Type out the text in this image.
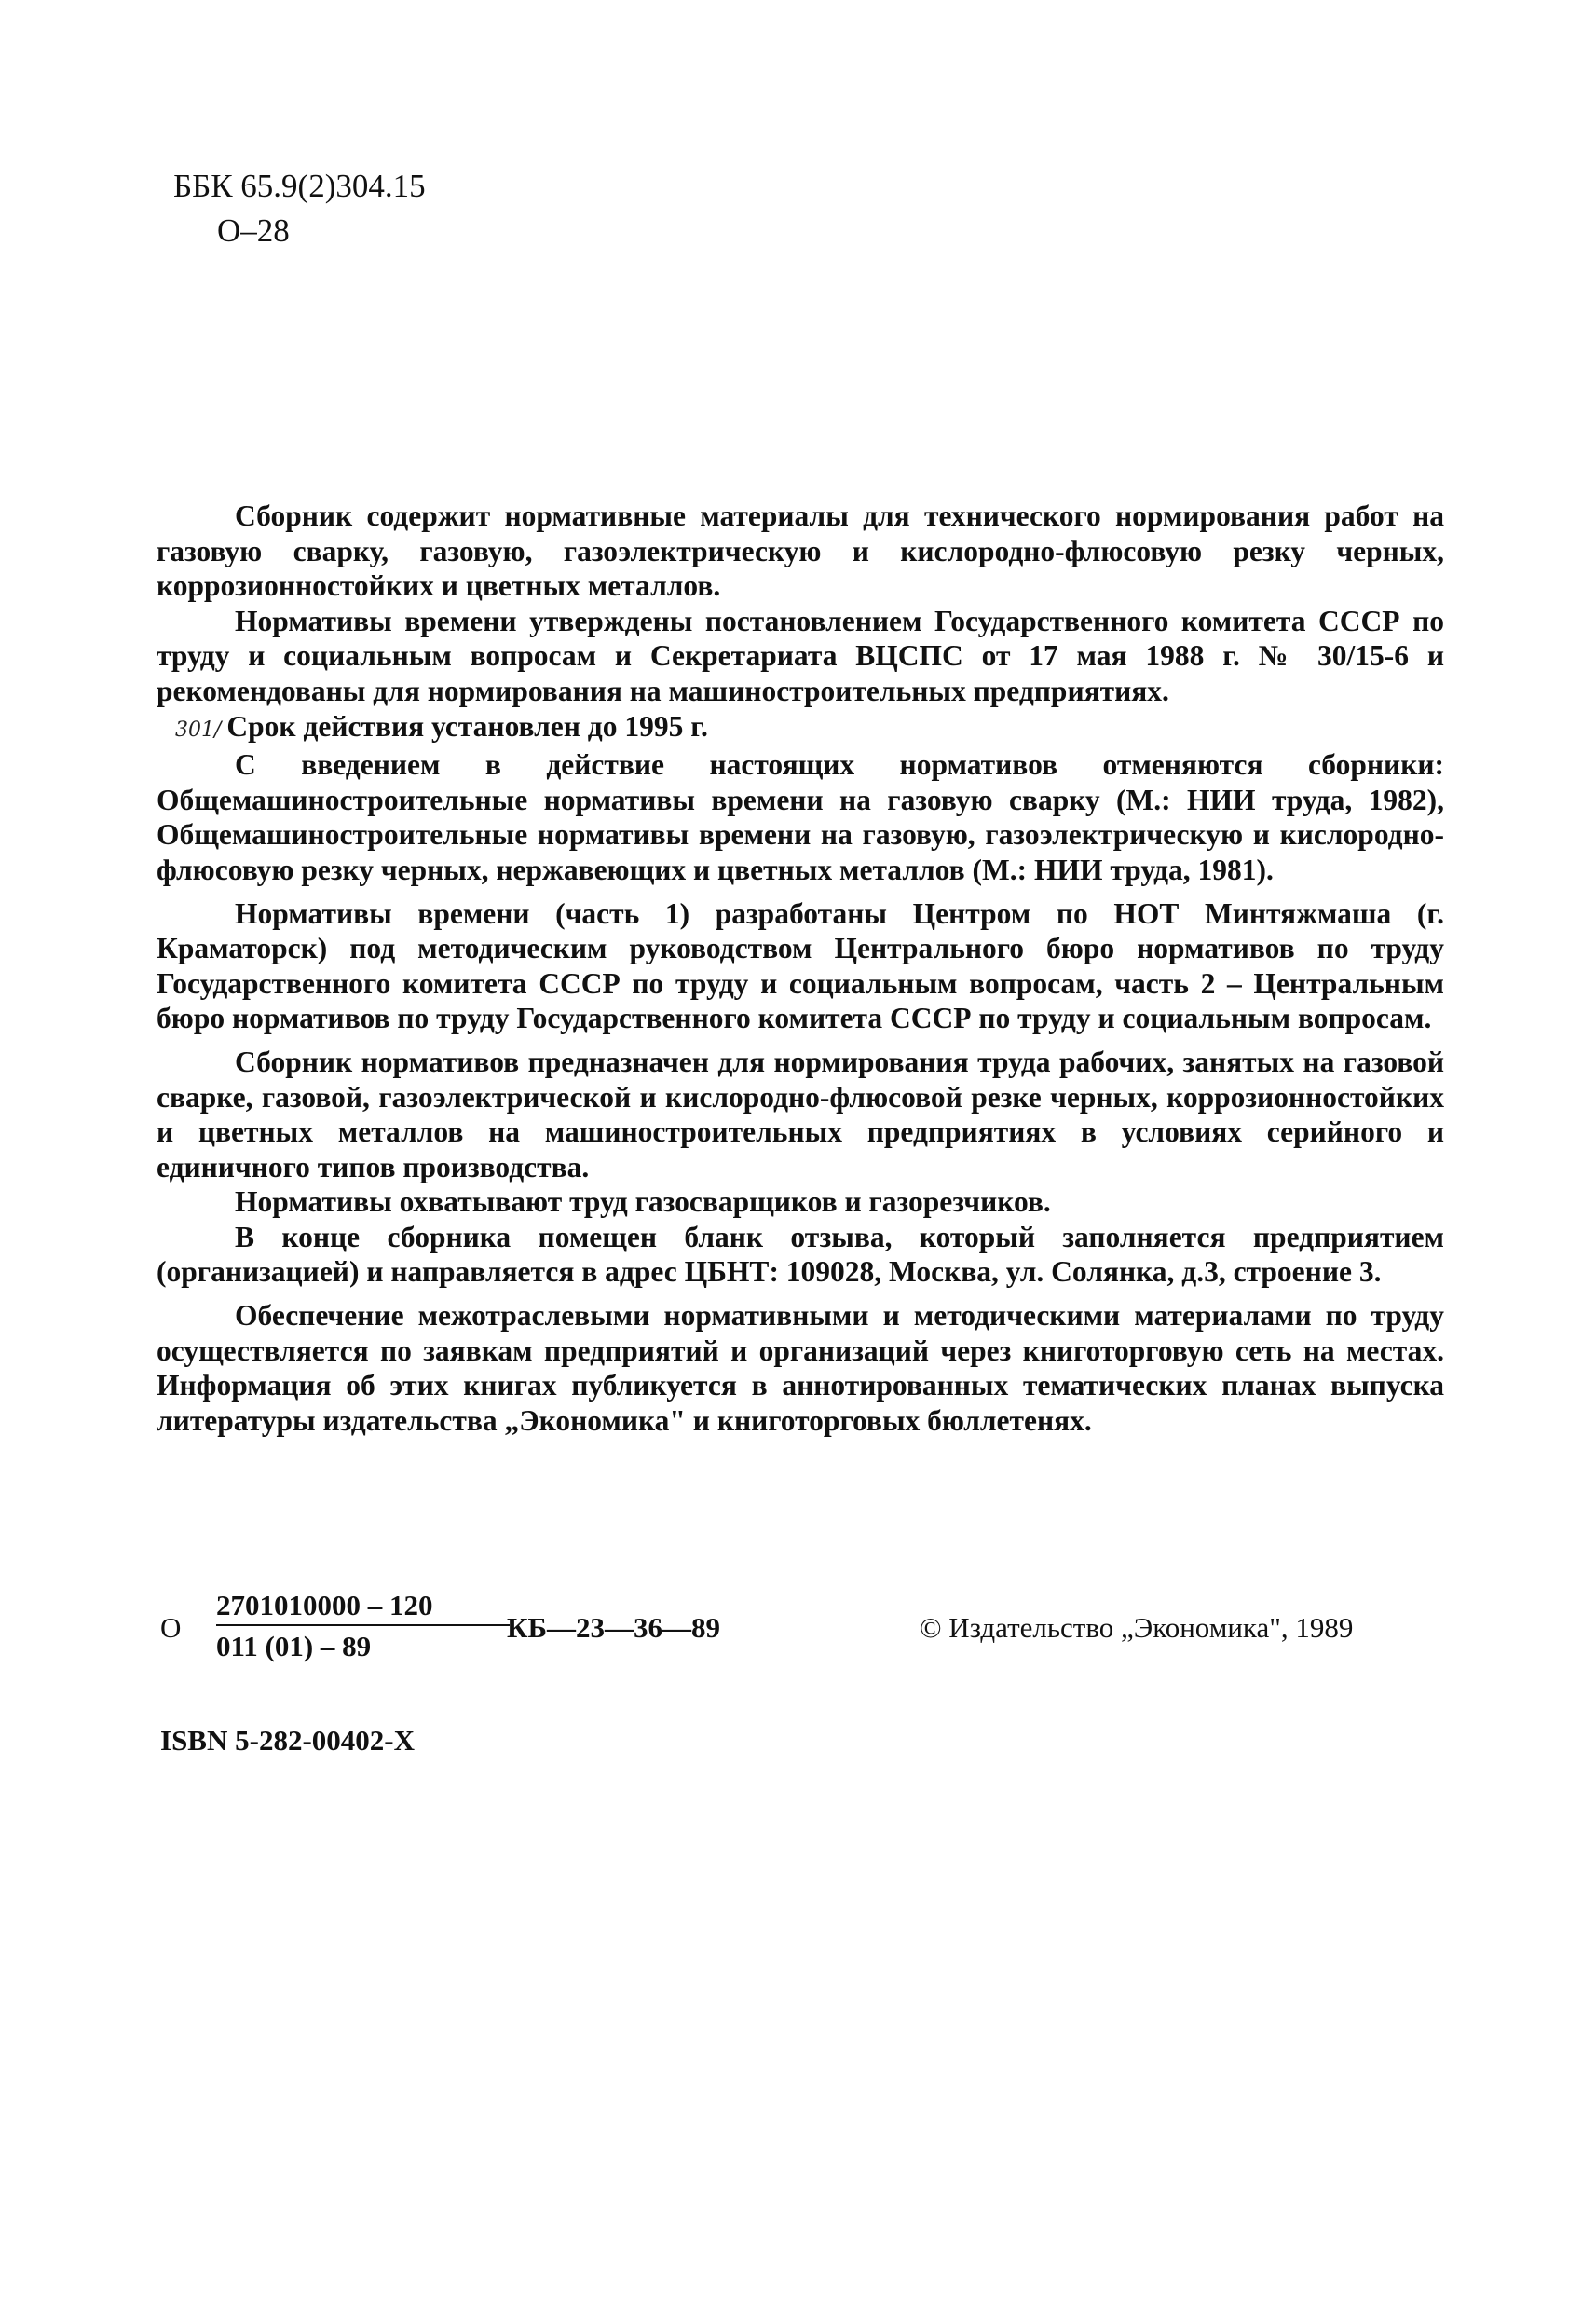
ББК 65.9(2)304.15
О–28

Сборник содержит нормативные материалы для технического нормирования работ на газовую сварку, газовую, газоэлектрическую и кислородно-флюсовую резку черных, коррозионностойких и цветных металлов.

Нормативы времени утверждены постановлением Государственного комитета СССР по труду и социальным вопросам и Секретариата ВЦСПС от 17 мая 1988 г. № 30/15-6 и рекомендованы для нормирования на машиностроительных предприятиях.

301/ Срок действия установлен до 1995 г.

С введением в действие настоящих нормативов отменяются сборники: Общемашиностроительные нормативы времени на газовую сварку (М.: НИИ труда, 1982), Общемашиностроительные нормативы времени на газовую, газоэлектрическую и кислородно-флюсовую резку черных, нержавеющих и цветных металлов (М.: НИИ труда, 1981).

Нормативы времени (часть 1) разработаны Центром по НОТ Минтяжмаша (г. Краматорск) под методическим руководством Центрального бюро нормативов по труду Государственного комитета СССР по труду и социальным вопросам, часть 2 – Центральным бюро нормативов по труду Государственного комитета СССР по труду и социальным вопросам.

Сборник нормативов предназначен для нормирования труда рабочих, занятых на газовой сварке, газовой, газоэлектрической и кислородно-флюсовой резке черных, коррозионностойких и цветных металлов на машиностроительных предприятиях в условиях серийного и единичного типов производства.

Нормативы охватывают труд газосварщиков и газорезчиков.

В конце сборника помещен бланк отзыва, который заполняется предприятием (организацией) и направляется в адрес ЦБНТ: 109028, Москва, ул. Солянка, д.3, строение 3.

Обеспечение межотраслевыми нормативными и методическими материалами по труду осуществляется по заявкам предприятий и организаций через книготорговую сеть на местах. Информация об этих книгах публикуется в аннотированных тематических планах выпуска литературы издательства „Экономика" и книготорговых бюллетенях.

О
2701010000 – 120
011 (01) – 89
КБ—23—36—89	© Издательство „Экономика", 1989
ISBN 5-282-00402-X
